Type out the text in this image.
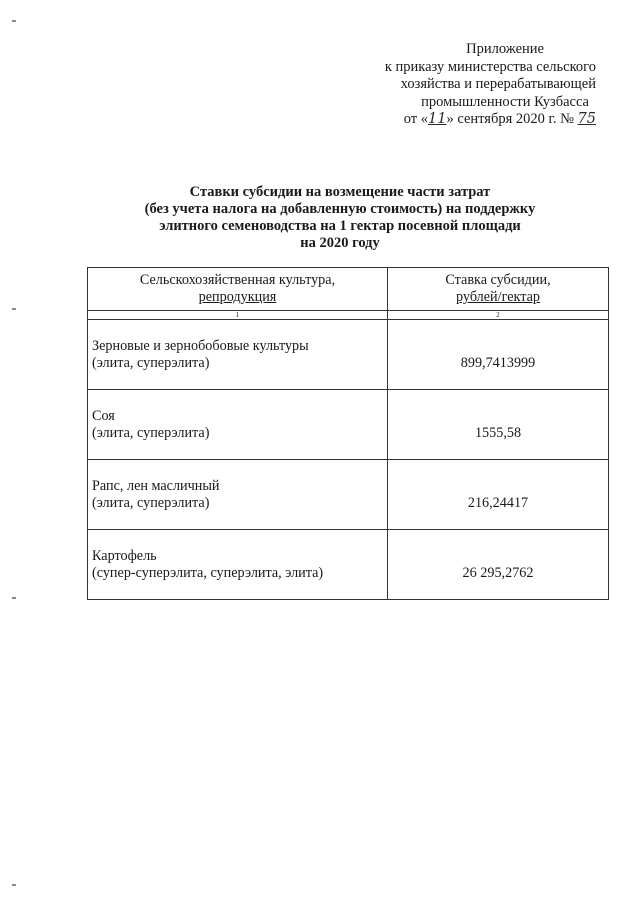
Приложение
к приказу министерства сельского
хозяйства и перерабатывающей
промышленности Кузбасса
от «11» сентября 2020 г. № 75
Ставки субсидии на возмещение части затрат
(без учета налога на добавленную стоимость) на поддержку
элитного семеноводства на 1 гектар посевной площади
на 2020 году
Сельскохозяйственная культура,
репродукция	Ставка субсидии,
рублей/гектар
1	2

Зерновые и зернобобовые культуры
(элита, суперэлита)	899,7413999

Соя
(элита, суперэлита)	1555,58

Рапс, лен масличный
(элита, суперэлита)	216,24417

Картофель
(супер-суперэлита, суперэлита, элита)	26 295,2762
